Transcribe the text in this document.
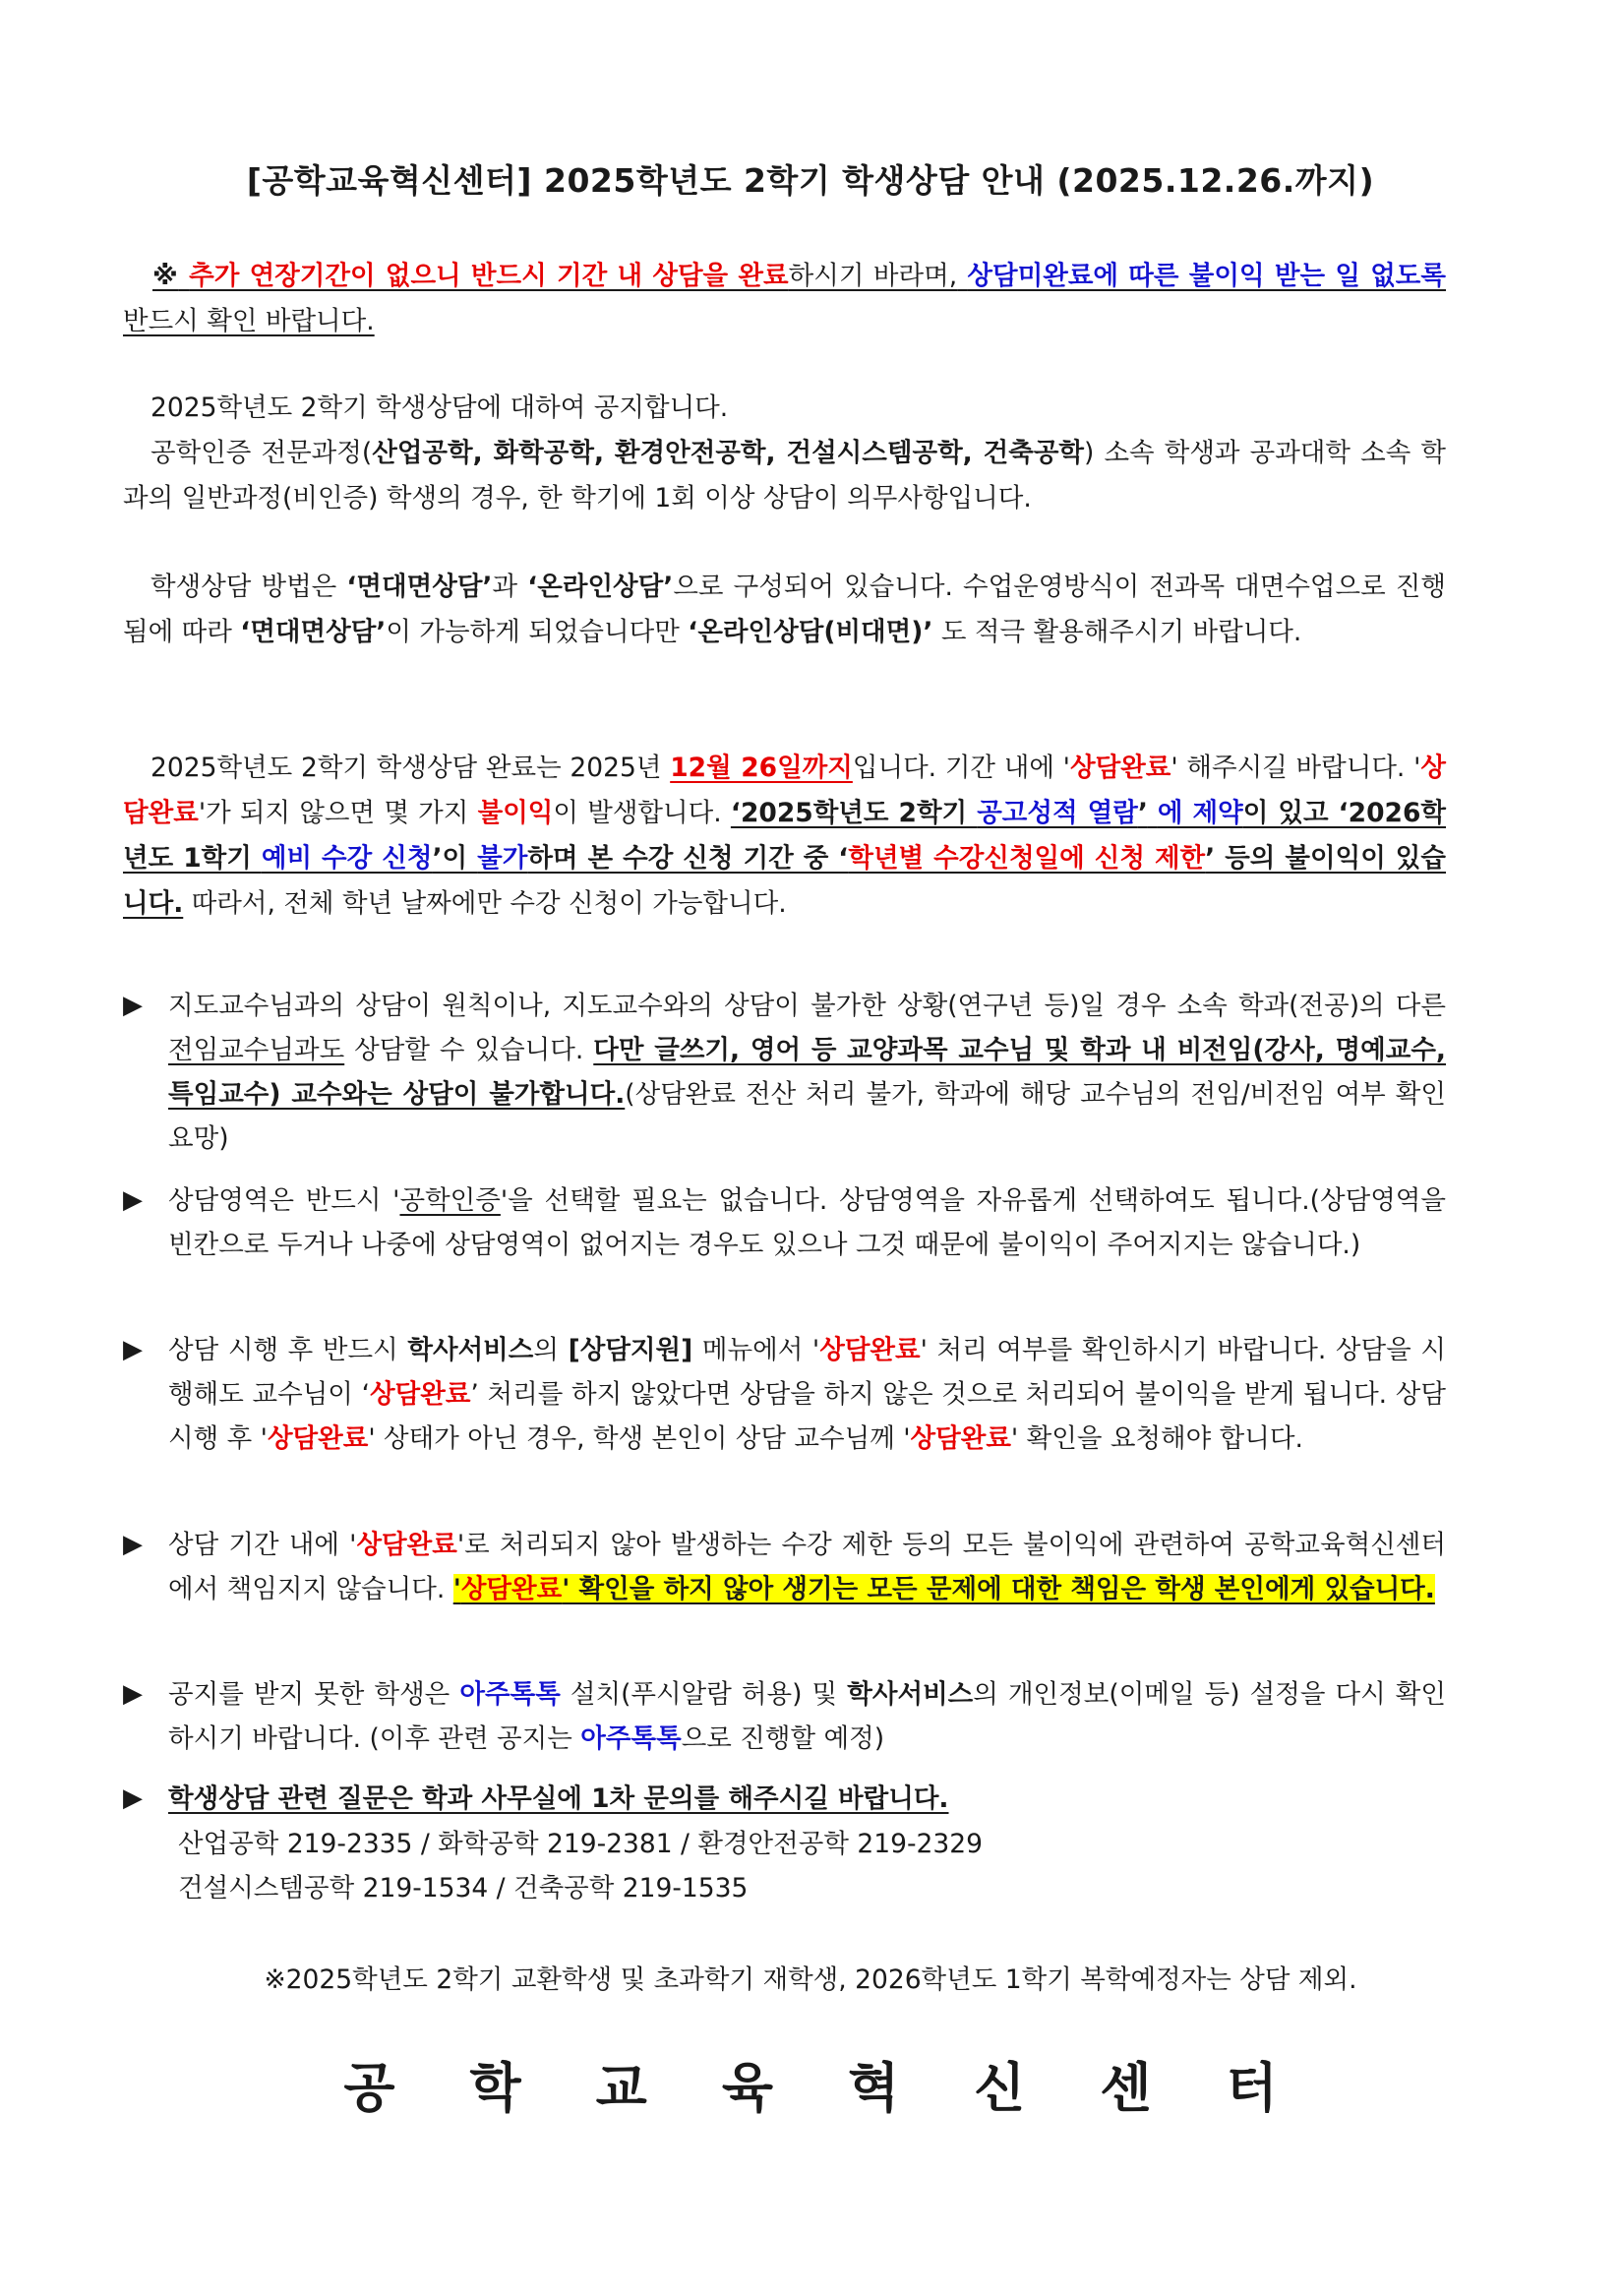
[공학교육혁신센터] 2025학년도 2학기 학생상담 안내 (2025.12.26.까지)
※ 추가 연장기간이 없으니 반드시 기간 내 상담을 완료하시기 바라며, 상담미완료에 따른 불이익 받는 일 없도록 반드시 확인 바랍니다.
2025학년도 2학기 학생상담에 대하여 공지합니다.
공학인증 전문과정(산업공학, 화학공학, 환경안전공학, 건설시스템공학, 건축공학) 소속 학생과 공과대학 소속 학과의 일반과정(비인증) 학생의 경우, 한 학기에 1회 이상 상담이 의무사항입니다.
학생상담 방법은 ‘면대면상담’과 ‘온라인상담’으로 구성되어 있습니다. 수업운영방식이 전과목 대면수업으로 진행됨에 따라 ‘면대면상담’이 가능하게 되었습니다만 ‘온라인상담(비대면)’ 도 적극 활용해주시기 바랍니다.
2025학년도 2학기 학생상담 완료는 2025년 12월 26일까지입니다. 기간 내에 '상담완료' 해주시길 바랍니다. '상담완료'가 되지 않으면 몇 가지 불이익이 발생합니다. ‘2025학년도 2학기 공고성적 열람’ 에 제약이 있고 ‘2026학년도 1학기 예비 수강 신청’이 불가하며 본 수강 신청 기간 중 ‘학년별 수강신청일에 신청 제한’ 등의 불이익이 있습니다. 따라서, 전체 학년 날짜에만 수강 신청이 가능합니다.
▶ 지도교수님과의 상담이 원칙이나, 지도교수와의 상담이 불가한 상황(연구년 등)일 경우 소속 학과(전공)의 다른 전임교수님과도 상담할 수 있습니다. 다만 글쓰기, 영어 등 교양과목 교수님 및 학과 내 비전임(강사, 명예교수, 특임교수) 교수와는 상담이 불가합니다.(상담완료 전산 처리 불가, 학과에 해당 교수님의 전임/비전임 여부 확인 요망)
▶ 상담영역은 반드시 '공학인증'을 선택할 필요는 없습니다. 상담영역을 자유롭게 선택하여도 됩니다.(상담영역을 빈칸으로 두거나 나중에 상담영역이 없어지는 경우도 있으나 그것 때문에 불이익이 주어지지는 않습니다.)
▶ 상담 시행 후 반드시 학사서비스의 [상담지원] 메뉴에서 '상담완료' 처리 여부를 확인하시기 바랍니다. 상담을 시행해도 교수님이 ‘상담완료’ 처리를 하지 않았다면 상담을 하지 않은 것으로 처리되어 불이익을 받게 됩니다. 상담 시행 후 '상담완료' 상태가 아닌 경우, 학생 본인이 상담 교수님께 '상담완료' 확인을 요청해야 합니다.
▶ 상담 기간 내에 '상담완료'로 처리되지 않아 발생하는 수강 제한 등의 모든 불이익에 관련하여 공학교육혁신센터에서 책임지지 않습니다. '상담완료' 확인을 하지 않아 생기는 모든 문제에 대한 책임은 학생 본인에게 있습니다.
▶ 공지를 받지 못한 학생은 아주톡톡 설치(푸시알람 허용) 및 학사서비스의 개인정보(이메일 등) 설정을 다시 확인하시기 바랍니다. (이후 관련 공지는 아주톡톡으로 진행할 예정)
▶ 학생상담 관련 질문은 학과 사무실에 1차 문의를 해주시길 바랍니다.
산업공학 219-2335 / 화학공학 219-2381 / 환경안전공학 219-2329
건설시스템공학 219-1534 / 건축공학 219-1535
※2025학년도 2학기 교환학생 및 초과학기 재학생, 2026학년도 1학기 복학예정자는 상담 제외.
공 학 교 육 혁 신 센 터
